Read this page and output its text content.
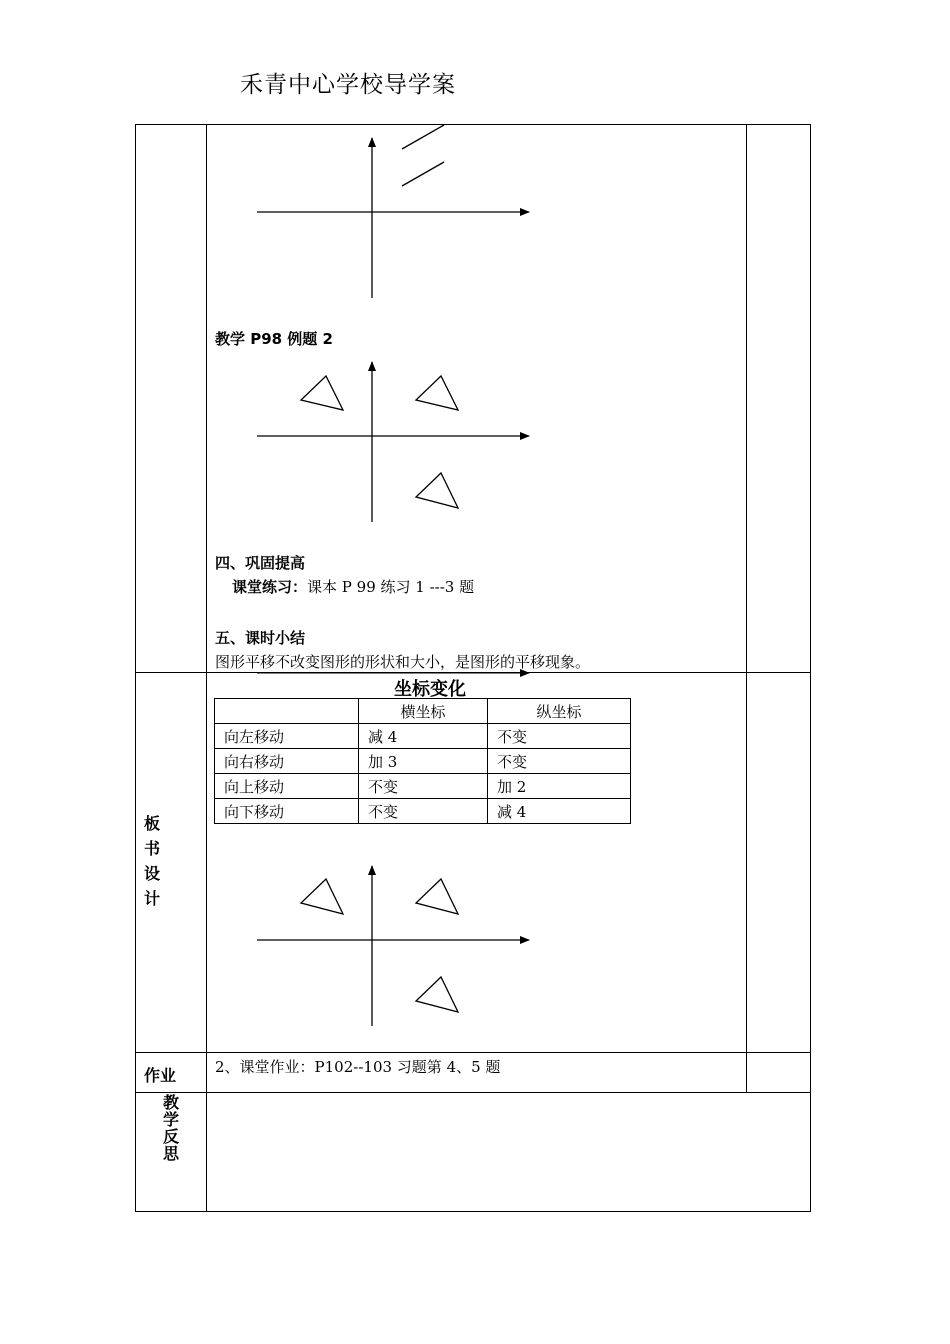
禾青中心学校导学案
教学 P98 例题 2
四、巩固提高
课堂练习：课本 P 99 练习 1 ---3 题
五、课时小结
图形平移不改变图形的形状和大小，是图形的平移现象。
板
书
设
计
坐标变化
	横坐标	纵坐标
向左移动	减 4	不变
向右移动	加 3	不变
向上移动	不变	加 2
向下移动	不变	减 4
作业	2、课堂作业：P102--103 习题第 4、5 题
教
学
反
思
